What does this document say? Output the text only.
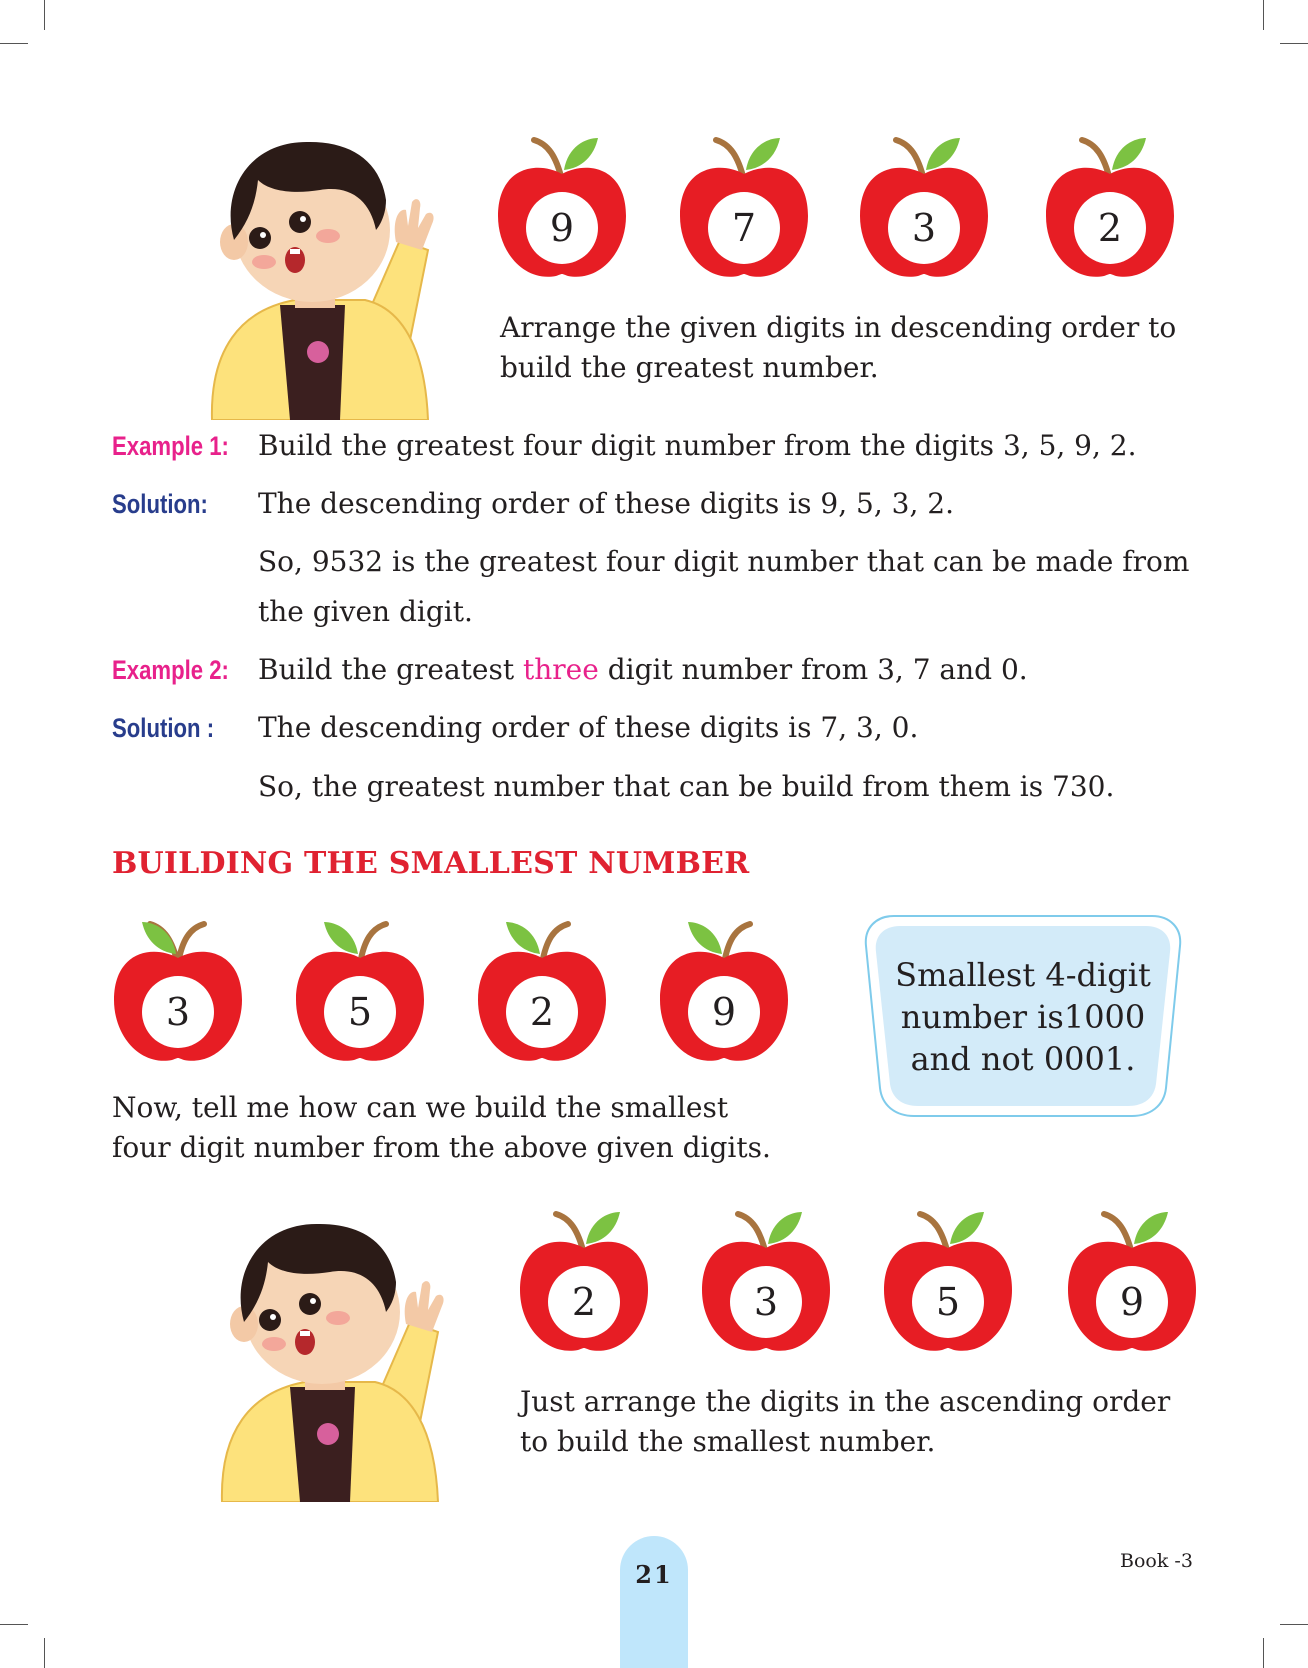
9	7	3	2
Arrange the given digits in descending order to
build the greatest number.
Example 1: Build the greatest four digit number from the digits 3, 5, 9, 2.
Solution: The descending order of these digits is 9, 5, 3, 2.
So, 9532 is the greatest four digit number that can be made from
the given digit.
Example 2: Build the greatest three digit number from 3, 7 and 0.
Solution : The descending order of these digits is 7, 3, 0.
So, the greatest number that can be build from them is 730.
BUILDING THE SMALLEST NUMBER
3	5	2	9
Smallest 4-digit
number is1000
and not 0001.
Now, tell me how can we build the smallest
four digit number from the above given digits.
2	3	5	9
Just arrange the digits in the ascending order
to build the smallest number.
21	Book -3
